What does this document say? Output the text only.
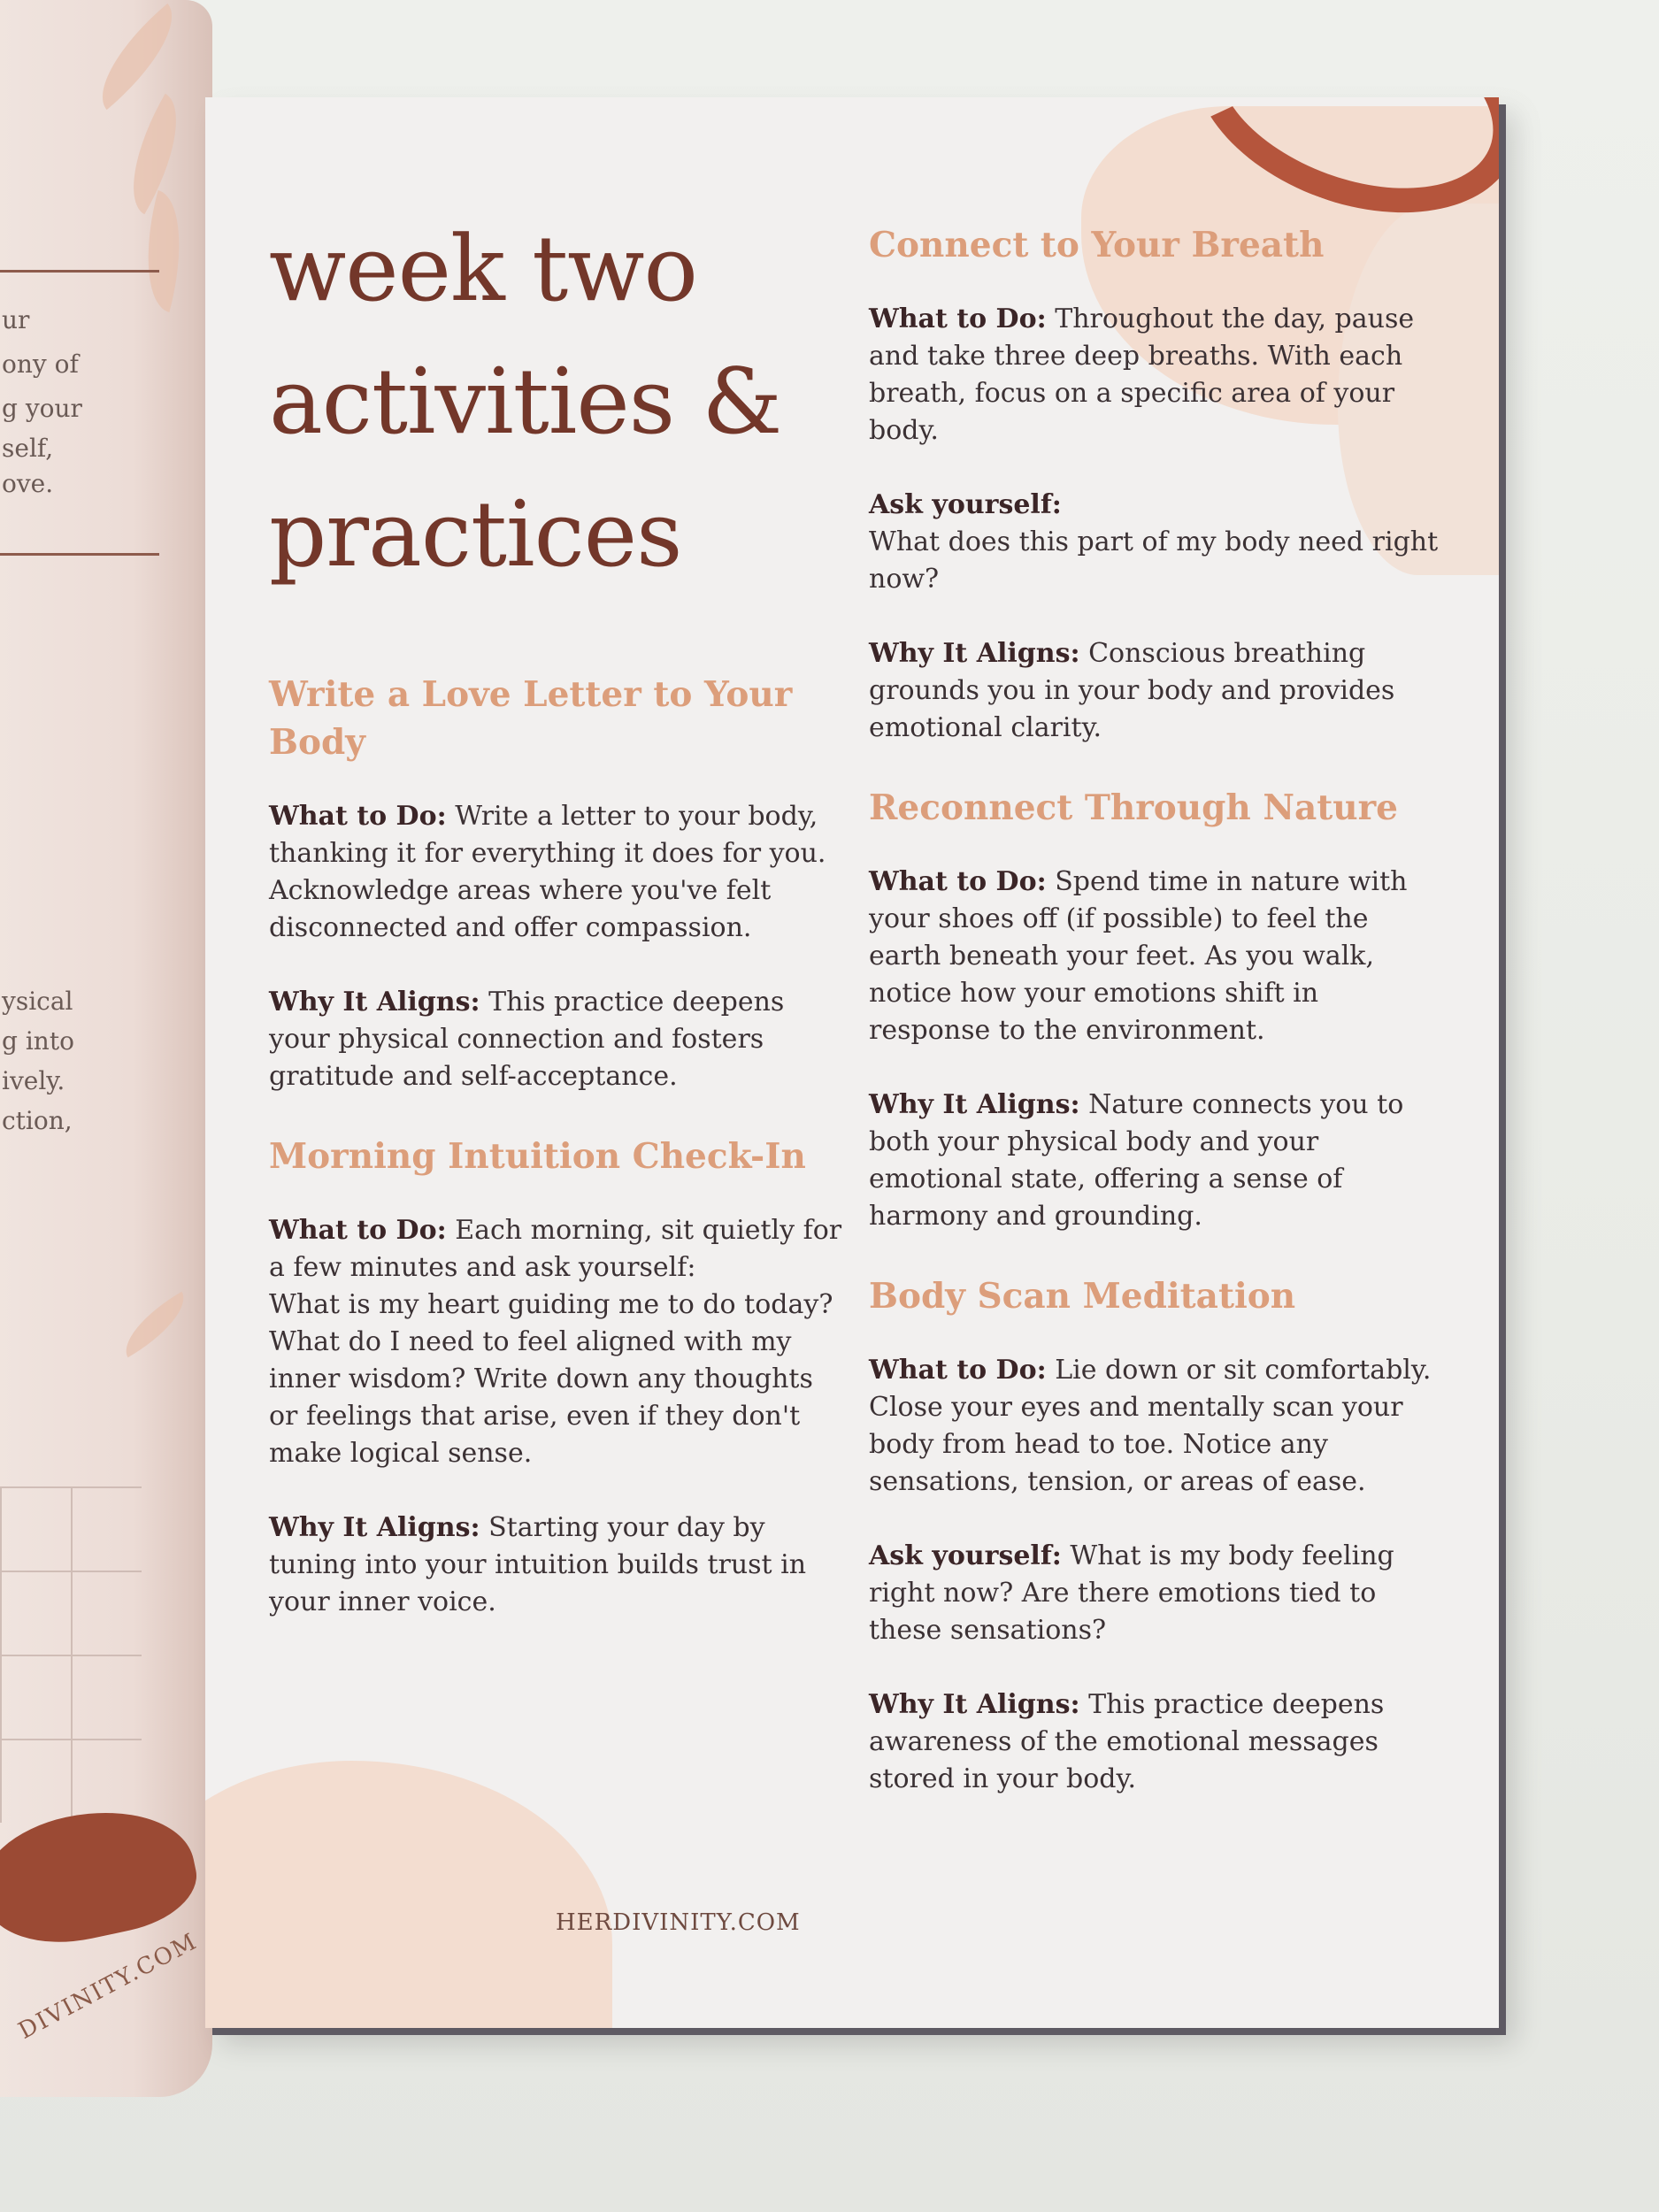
ur
ony of
g your
self,
ove.
ysical
g into
ively.
ction,
DIVINITY.COM
week two
activities &
practices
Write a Love Letter to Your Body

What to Do: Write a letter to your body, thanking it for everything it does for you. Acknowledge areas where you've felt disconnected and offer compassion.

Why It Aligns: This practice deepens your physical connection and fosters gratitude and self-acceptance.

Morning Intuition Check-In

What to Do: Each morning, sit quietly for a few minutes and ask yourself:
What is my heart guiding me to do today? What do I need to feel aligned with my inner wisdom? Write down any thoughts or feelings that arise, even if they don't make logical sense.

Why It Aligns: Starting your day by tuning into your intuition builds trust in your inner voice.

Connect to Your Breath

What to Do: Throughout the day, pause and take three deep breaths. With each breath, focus on a specific area of your body.

Ask yourself:
What does this part of my body need right now?

Why It Aligns: Conscious breathing grounds you in your body and provides emotional clarity.

Reconnect Through Nature

What to Do: Spend time in nature with your shoes off (if possible) to feel the earth beneath your feet. As you walk, notice how your emotions shift in response to the environment.

Why It Aligns: Nature connects you to both your physical body and your emotional state, offering a sense of harmony and grounding.

Body Scan Meditation

What to Do: Lie down or sit comfortably. Close your eyes and mentally scan your body from head to toe. Notice any sensations, tension, or areas of ease.

Ask yourself: What is my body feeling right now? Are there emotions tied to these sensations?

Why It Aligns: This practice deepens awareness of the emotional messages stored in your body.

HERDIVINITY.COM
